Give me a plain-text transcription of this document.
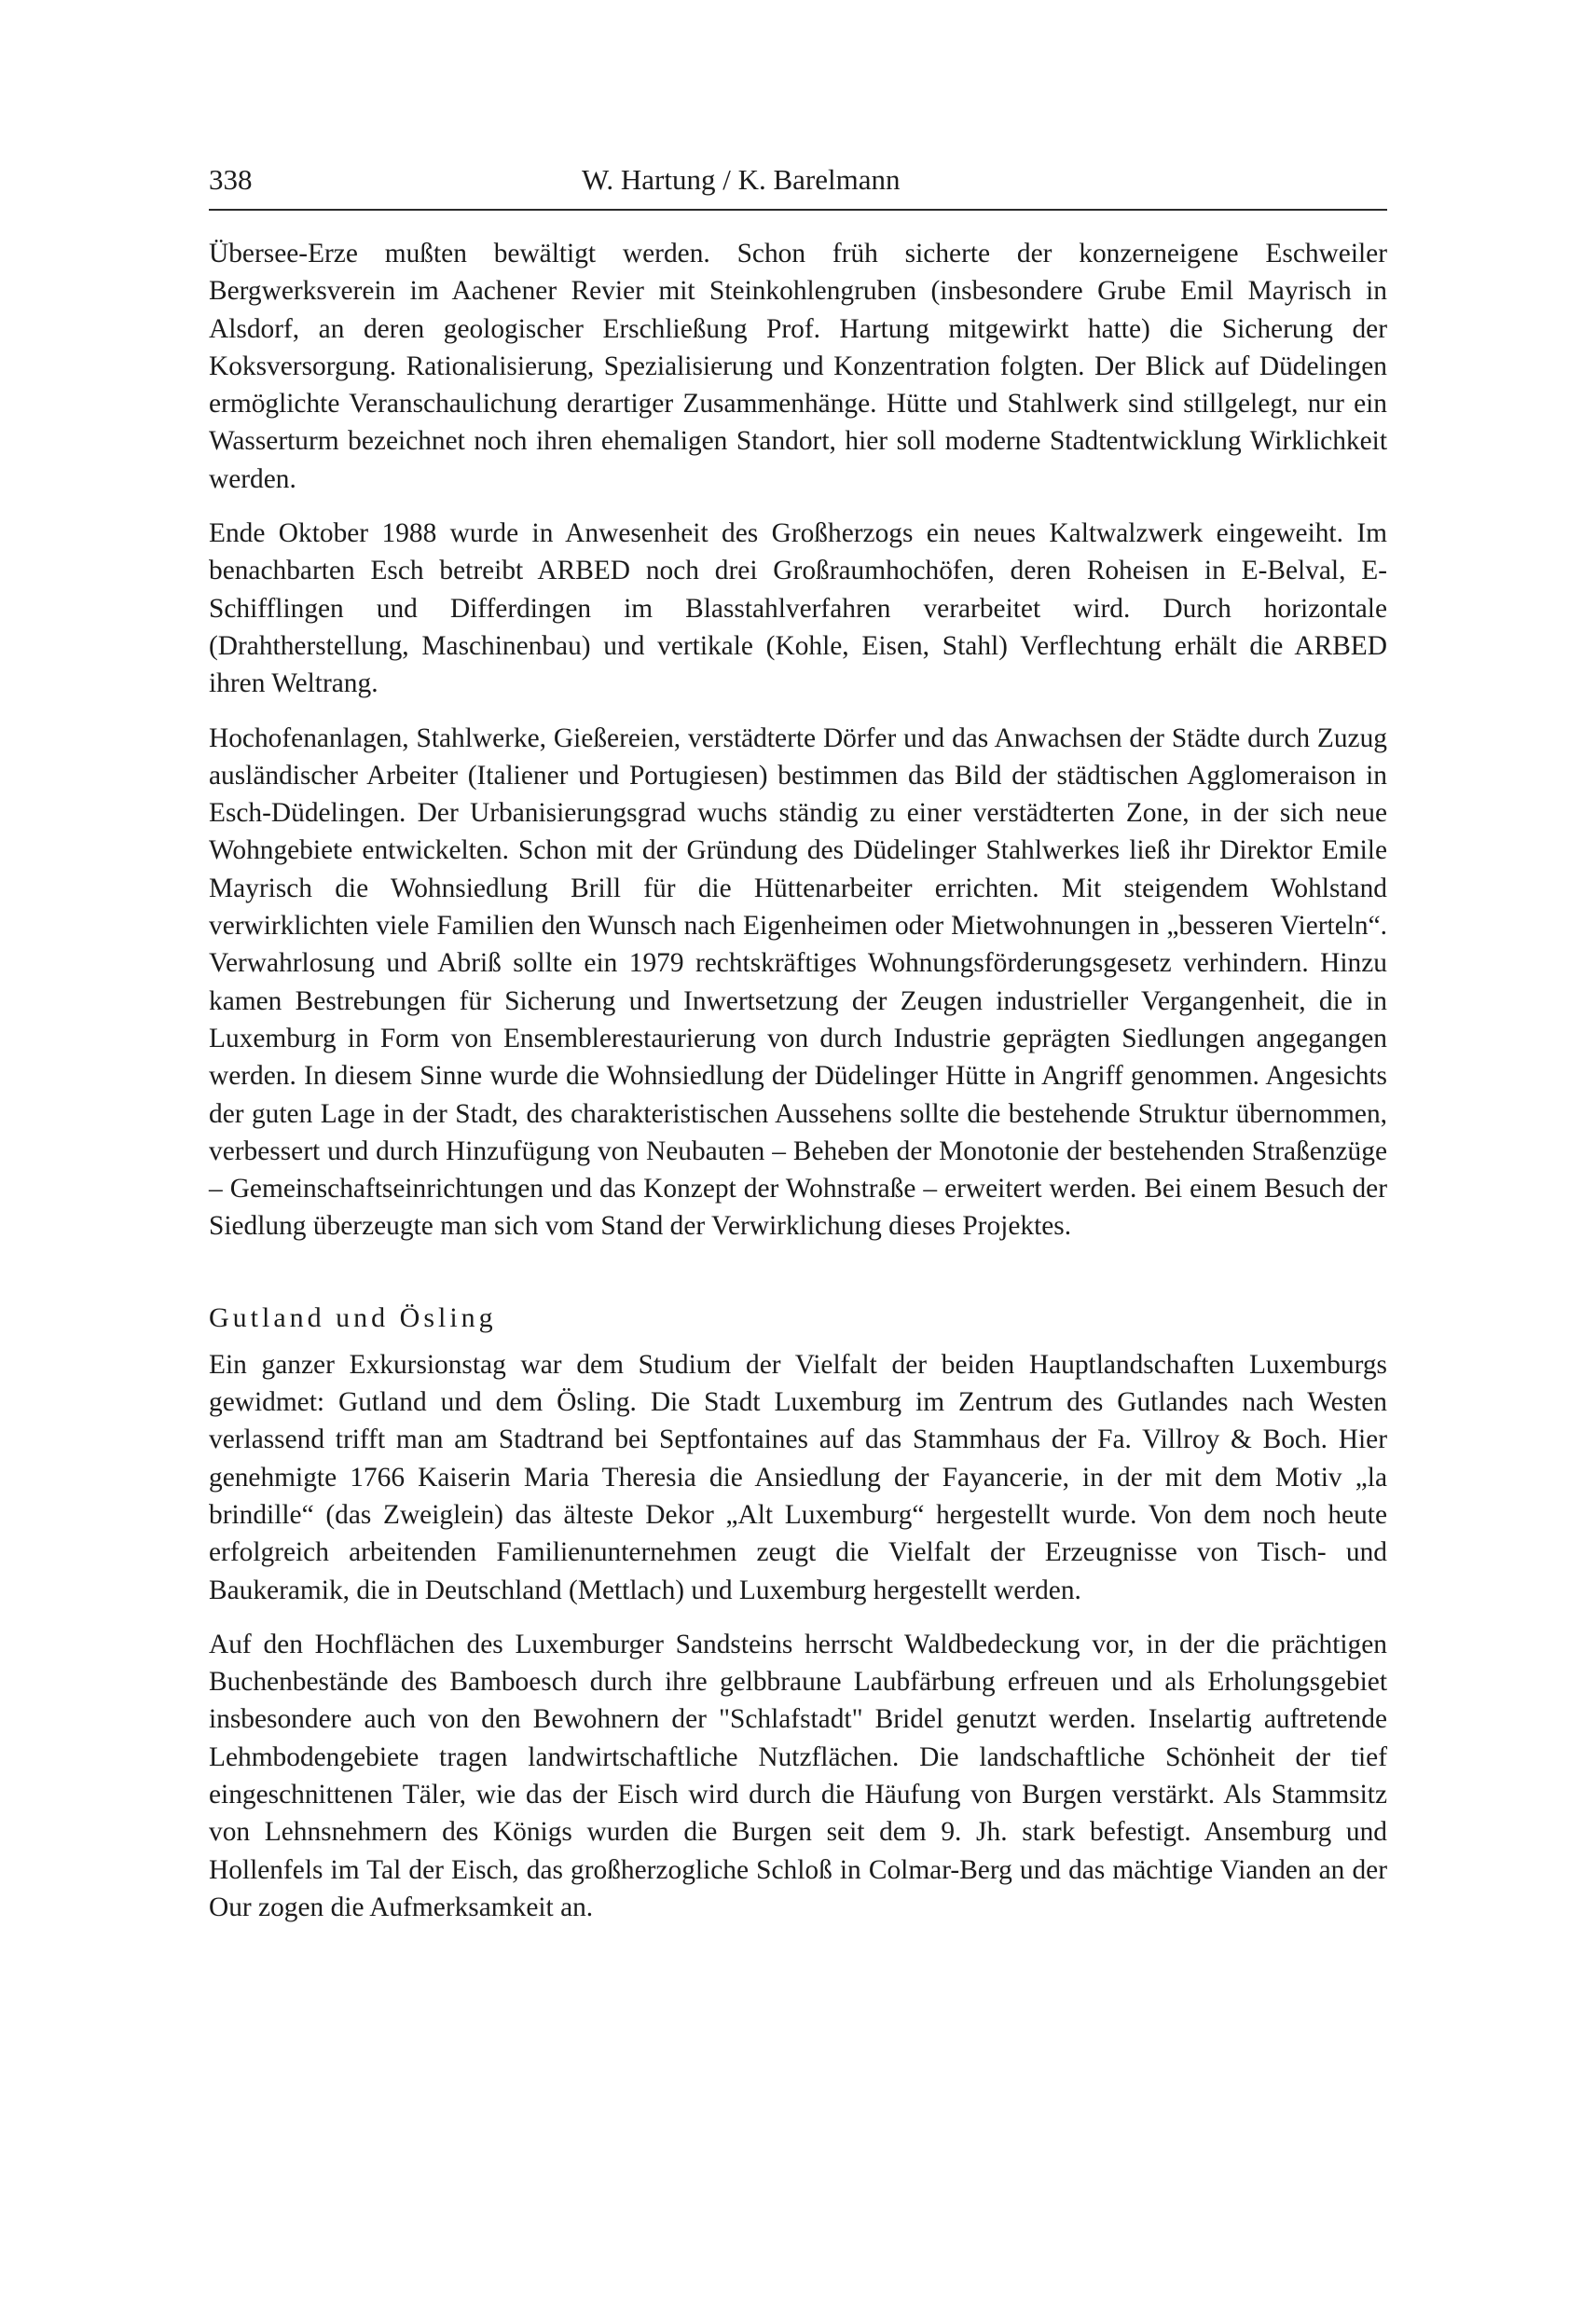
338	W. Hartung / K. Barelmann

Übersee-Erze mußten bewältigt werden. Schon früh sicherte der konzerneigene Eschweiler Bergwerksverein im Aachener Revier mit Steinkohlengruben (insbesondere Grube Emil Mayrisch in Alsdorf, an deren geologischer Erschließung Prof. Hartung mitgewirkt hatte) die Sicherung der Koksversorgung. Rationalisierung, Spezialisierung und Konzentration folgten. Der Blick auf Düdelingen ermöglichte Veranschaulichung derartiger Zusammenhänge. Hütte und Stahlwerk sind stillgelegt, nur ein Wasserturm bezeichnet noch ihren ehemaligen Standort, hier soll moderne Stadtentwicklung Wirklichkeit werden.

Ende Oktober 1988 wurde in Anwesenheit des Großherzogs ein neues Kaltwalzwerk eingeweiht. Im benachbarten Esch betreibt ARBED noch drei Großraumhochöfen, deren Roheisen in E-Belval, E-Schifflingen und Differdingen im Blasstahlverfahren verarbeitet wird. Durch horizontale (Drahtherstellung, Maschinenbau) und vertikale (Kohle, Eisen, Stahl) Verflechtung erhält die ARBED ihren Weltrang.

Hochofenanlagen, Stahlwerke, Gießereien, verstädterte Dörfer und das Anwachsen der Städte durch Zuzug ausländischer Arbeiter (Italiener und Portugiesen) bestimmen das Bild der städtischen Agglomeraison in Esch-Düdelingen. Der Urbanisierungsgrad wuchs ständig zu einer verstädterten Zone, in der sich neue Wohngebiete entwickelten. Schon mit der Gründung des Düdelinger Stahlwerkes ließ ihr Direktor Emile Mayrisch die Wohnsiedlung Brill für die Hüttenarbeiter errichten. Mit steigendem Wohlstand verwirklichten viele Familien den Wunsch nach Eigenheimen oder Mietwohnungen in „besseren Vierteln“. Verwahrlosung und Abriß sollte ein 1979 rechtskräftiges Wohnungsförderungsgesetz verhindern. Hinzu kamen Bestrebungen für Sicherung und Inwertsetzung der Zeugen industrieller Vergangenheit, die in Luxemburg in Form von Ensemblerestaurierung von durch Industrie geprägten Siedlungen angegangen werden. In diesem Sinne wurde die Wohnsiedlung der Düdelinger Hütte in Angriff genommen. Angesichts der guten Lage in der Stadt, des charakteristischen Aussehens sollte die bestehende Struktur übernommen, verbessert und durch Hinzufügung von Neubauten – Beheben der Monotonie der bestehenden Straßenzüge – Gemeinschaftseinrichtungen und das Konzept der Wohnstraße – erweitert werden. Bei einem Besuch der Siedlung überzeugte man sich vom Stand der Verwirklichung dieses Projektes.

Gutland und Ösling

Ein ganzer Exkursionstag war dem Studium der Vielfalt der beiden Hauptlandschaften Luxemburgs gewidmet: Gutland und dem Ösling. Die Stadt Luxemburg im Zentrum des Gutlandes nach Westen verlassend trifft man am Stadtrand bei Septfontaines auf das Stammhaus der Fa. Villroy & Boch. Hier genehmigte 1766 Kaiserin Maria Theresia die Ansiedlung der Fayancerie, in der mit dem Motiv „la brindille“ (das Zweiglein) das älteste Dekor „Alt Luxemburg“ hergestellt wurde. Von dem noch heute erfolgreich arbeitenden Familienunternehmen zeugt die Vielfalt der Erzeugnisse von Tisch- und Baukeramik, die in Deutschland (Mettlach) und Luxemburg hergestellt werden.

Auf den Hochflächen des Luxemburger Sandsteins herrscht Waldbedeckung vor, in der die prächtigen Buchenbestände des Bamboesch durch ihre gelbbraune Laubfärbung erfreuen und als Erholungsgebiet insbesondere auch von den Bewohnern der "Schlafstadt" Bridel genutzt werden. Inselartig auftretende Lehmbodengebiete tragen landwirtschaftliche Nutzflächen. Die landschaftliche Schönheit der tief eingeschnittenen Täler, wie das der Eisch wird durch die Häufung von Burgen verstärkt. Als Stammsitz von Lehnsnehmern des Königs wurden die Burgen seit dem 9. Jh. stark befestigt. Ansemburg und Hollenfels im Tal der Eisch, das großherzogliche Schloß in Colmar-Berg und das mächtige Vianden an der Our zogen die Aufmerksamkeit an.
